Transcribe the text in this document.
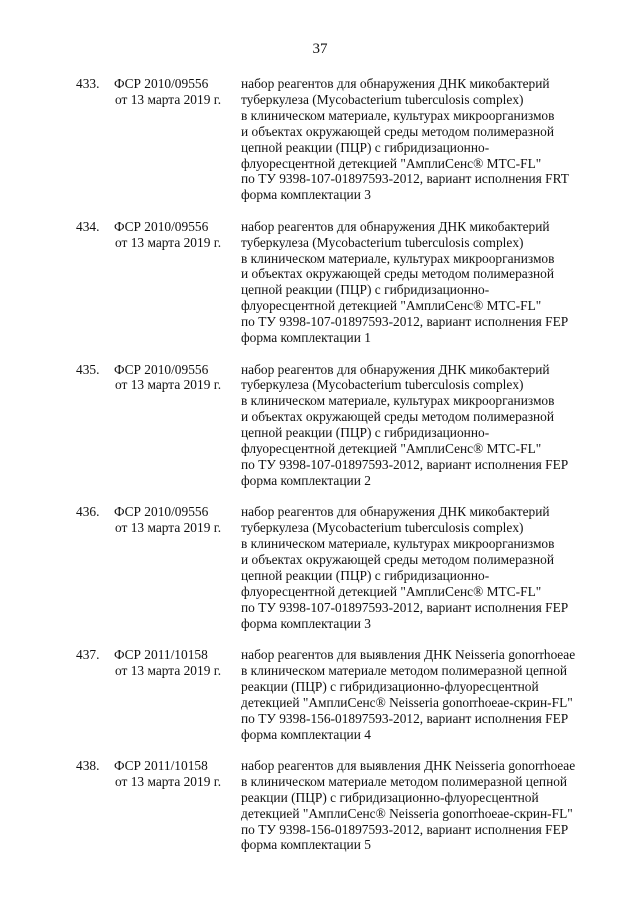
37
433. ФСР 2010/09556
от 13 марта 2019 г.
набор реагентов для обнаружения ДНК микобактерий
туберкулеза (Mycobacterium tuberculosis complex)
в клиническом материале, культурах микроорганизмов
и объектах окружающей среды методом полимеразной
цепной реакции (ПЦР) с гибридизационно-
флуоресцентной детекцией "АмплиСенс® MTC-FL"
по ТУ 9398-107-01897593-2012, вариант исполнения FRT
форма комплектации 3
434. ФСР 2010/09556
от 13 марта 2019 г.
набор реагентов для обнаружения ДНК микобактерий
туберкулеза (Mycobacterium tuberculosis complex)
в клиническом материале, культурах микроорганизмов
и объектах окружающей среды методом полимеразной
цепной реакции (ПЦР) с гибридизационно-
флуоресцентной детекцией "АмплиСенс® MTC-FL"
по ТУ 9398-107-01897593-2012, вариант исполнения FEP
форма комплектации 1
435. ФСР 2010/09556
от 13 марта 2019 г.
набор реагентов для обнаружения ДНК микобактерий
туберкулеза (Mycobacterium tuberculosis complex)
в клиническом материале, культурах микроорганизмов
и объектах окружающей среды методом полимеразной
цепной реакции (ПЦР) с гибридизационно-
флуоресцентной детекцией "АмплиСенс® MTC-FL"
по ТУ 9398-107-01897593-2012, вариант исполнения FEP
форма комплектации 2
436. ФСР 2010/09556
от 13 марта 2019 г.
набор реагентов для обнаружения ДНК микобактерий
туберкулеза (Mycobacterium tuberculosis complex)
в клиническом материале, культурах микроорганизмов
и объектах окружающей среды методом полимеразной
цепной реакции (ПЦР) с гибридизационно-
флуоресцентной детекцией "АмплиСенс® MTC-FL"
по ТУ 9398-107-01897593-2012, вариант исполнения FEP
форма комплектации 3
437. ФСР 2011/10158
от 13 марта 2019 г.
набор реагентов для выявления ДНК Neisseria gonorrhoeae
в клиническом материале методом полимеразной цепной
реакции (ПЦР) с гибридизационно-флуоресцентной
детекцией "АмплиСенс® Neisseria gonorrhoeae-скрин-FL"
по ТУ 9398-156-01897593-2012, вариант исполнения FEP
форма комплектации 4
438. ФСР 2011/10158
от 13 марта 2019 г.
набор реагентов для выявления ДНК Neisseria gonorrhoeae
в клиническом материале методом полимеразной цепной
реакции (ПЦР) с гибридизационно-флуоресцентной
детекцией "АмплиСенс® Neisseria gonorrhoeae-скрин-FL"
по ТУ 9398-156-01897593-2012, вариант исполнения FEP
форма комплектации 5
